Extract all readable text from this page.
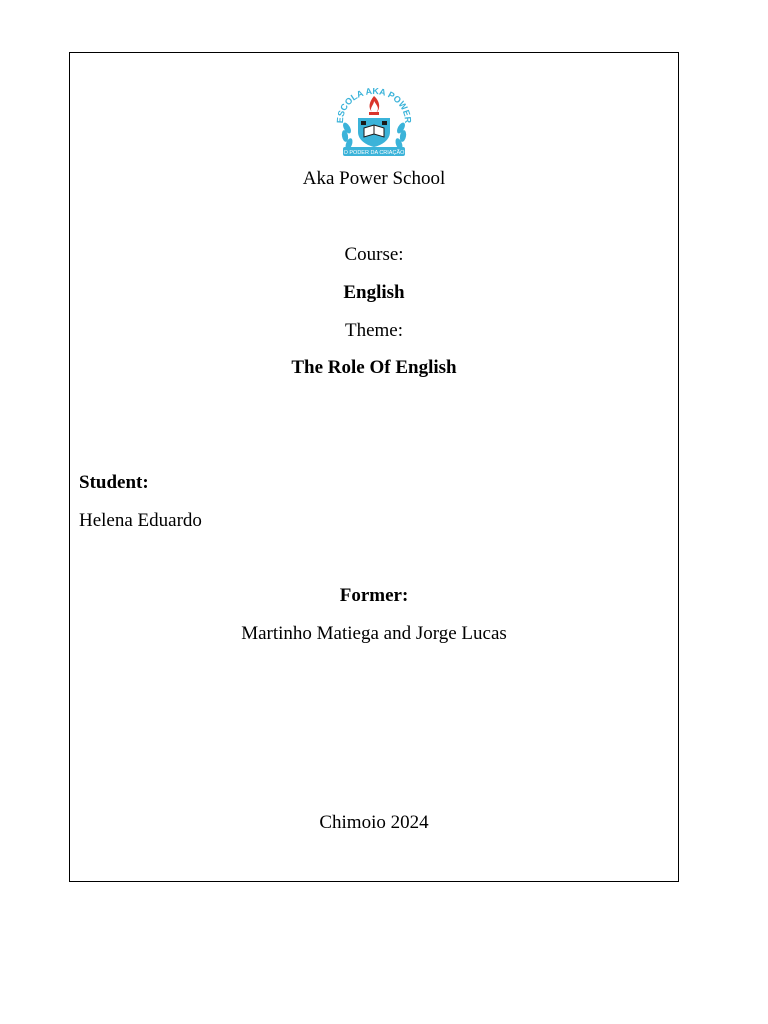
ESCOLA AKA POWER
O PODER DA CRIAÇÃO
Aka Power School
Course:
English
Theme:
The Role Of English
Student:
Helena Eduardo
Former:
Martinho Matiega and Jorge Lucas
Chimoio 2024
